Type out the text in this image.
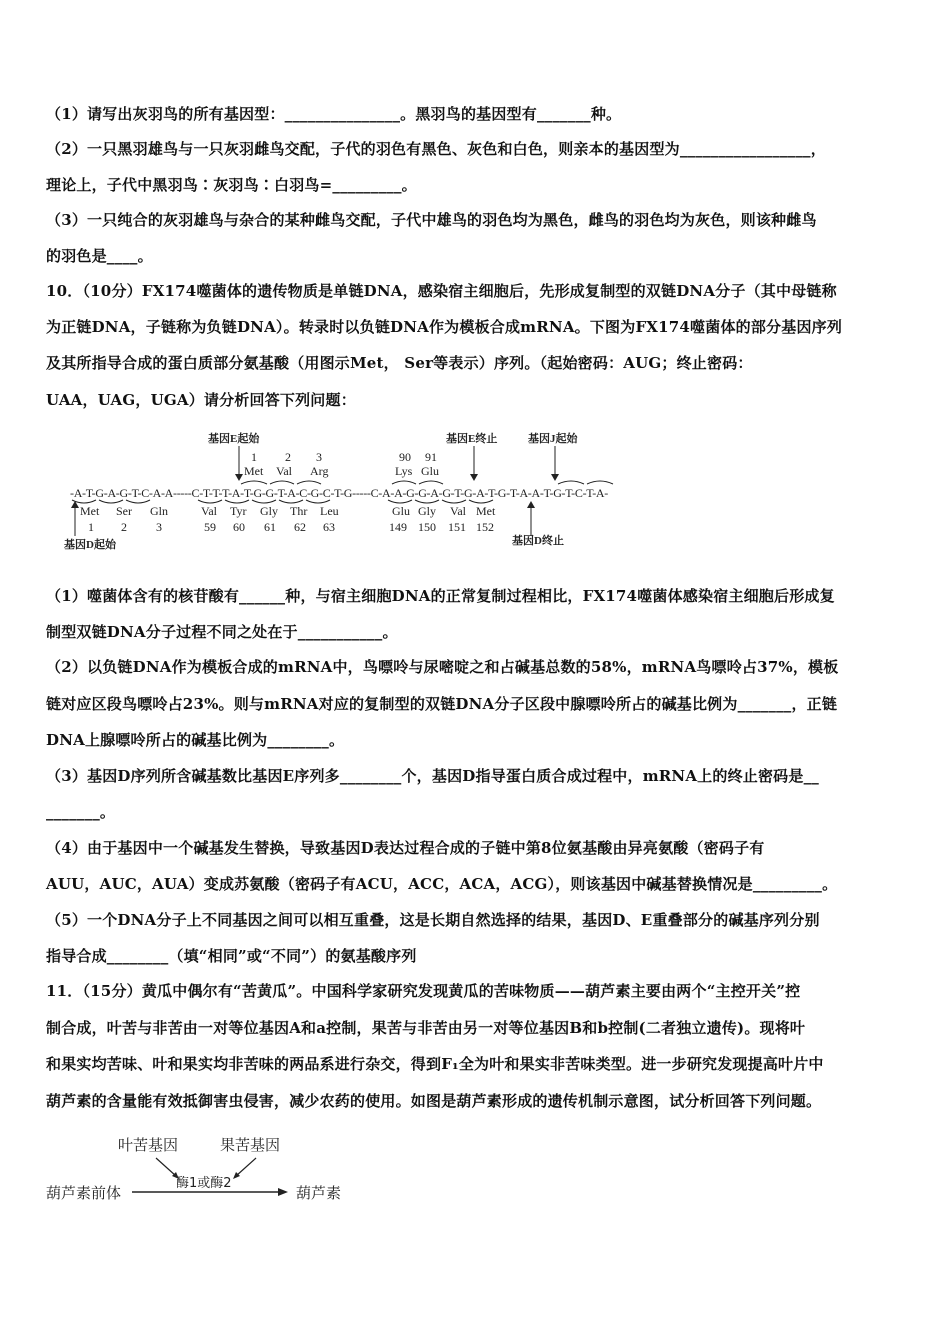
（1）请写出灰羽鸟的所有基因型：_______________。黑羽鸟的基因型有_______种。
（2）一只黑羽雄鸟与一只灰羽雌鸟交配，子代的羽色有黑色、灰色和白色，则亲本的基因型为_________________，
理论上，子代中黑羽鸟∶灰羽鸟∶白羽鸟=_________。
（3）一只纯合的灰羽雄鸟与杂合的某种雌鸟交配，子代中雄鸟的羽色均为黑色，雌鸟的羽色均为灰色，则该种雌鸟
的羽色是____。
10．（10分）FX174噬菌体的遗传物质是单链DNA，感染宿主细胞后，先形成复制型的双链DNA分子（其中母链称
为正链DNA，子链称为负链DNA）。转录时以负链DNA作为模板合成mRNA。下图为FX174噬菌体的部分基因序列
及其所指导合成的蛋白质部分氨基酸（用图示Met， Ser等表示）序列。（起始密码：AUG；终止密码：
UAA，UAG，UGA）请分析回答下列问题：
基因E起始	基因E终止	基因J起始
1 2 3	90 91
Met Val Arg	Lys Glu
-A-T-G-A-G-T-C-A-A-----C-T-T-T-A-T-G-G-T-A-C-G-C-T-G-----C-A-A-G-G-A-G-T-G-A-T-G-T-A-A-T-G-T-C-T-A-
Met Ser Gln	Val Tyr Gly Thr Leu	Glu Gly Val Met
1 2 3	59 60 61 62 63	149 150 151 152
基因D起始	基因D终止
（1）噬菌体含有的核苷酸有______种，与宿主细胞DNA的正常复制过程相比，FX174噬菌体感染宿主细胞后形成复
制型双链DNA分子过程不同之处在于___________。
（2）以负链DNA作为模板合成的mRNA中，鸟嘌呤与尿嘧啶之和占碱基总数的58%，mRNA鸟嘌呤占37%，模板
链对应区段鸟嘌呤占23%。则与mRNA对应的复制型的双链DNA分子区段中腺嘌呤所占的碱基比例为_______，正链
DNA上腺嘌呤所占的碱基比例为________。
（3）基因D序列所含碱基数比基因E序列多________个，基因D指导蛋白质合成过程中，mRNA上的终止密码是__
_______。
（4）由于基因中一个碱基发生替换，导致基因D表达过程合成的子链中第8位氨基酸由异亮氨酸（密码子有
AUU，AUC，AUA）变成苏氨酸（密码子有ACU，ACC，ACA，ACG），则该基因中碱基替换情况是_________。
（5）一个DNA分子上不同基因之间可以相互重叠，这是长期自然选择的结果，基因D、E重叠部分的碱基序列分别
指导合成________（填“相同”或“不同”）的氨基酸序列
11．（15分）黄瓜中偶尔有“苦黄瓜”。中国科学家研究发现黄瓜的苦味物质——葫芦素主要由两个“主控开关”控
制合成，叶苦与非苦由一对等位基因A和a控制，果苦与非苦由另一对等位基因B和b控制(二者独立遗传)。现将叶
和果实均苦味、叶和果实均非苦味的两品系进行杂交，得到F₁全为叶和果实非苦味类型。进一步研究发现提高叶片中
葫芦素的含量能有效抵御害虫侵害，减少农药的使用。如图是葫芦素形成的遗传机制示意图，试分析回答下列问题。
叶苦基因	果苦基因
酶1或酶2
葫芦素前体	葫芦素
